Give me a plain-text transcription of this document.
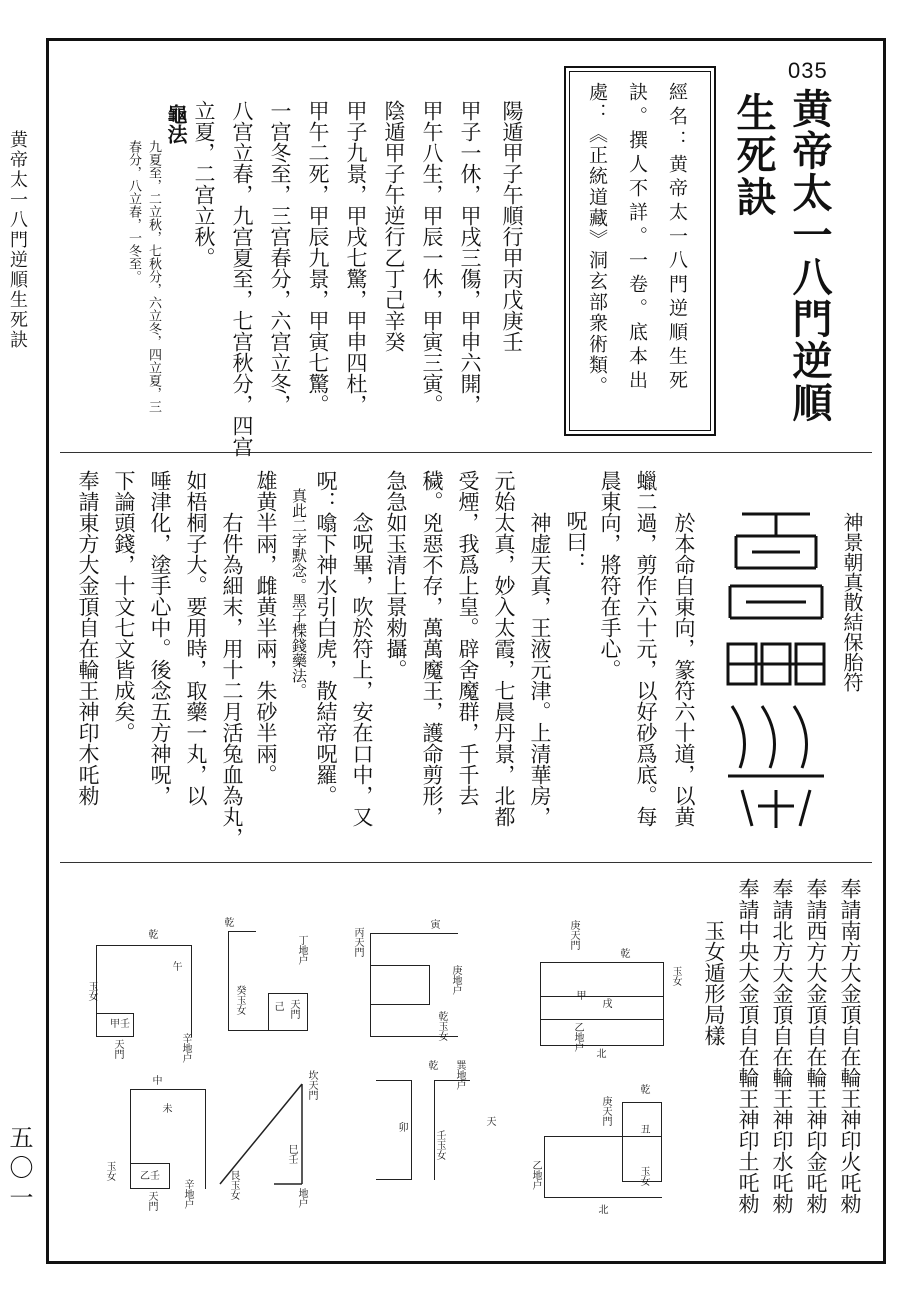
黄帝太一八門逆順生死訣
五〇一
035
黄帝太一八門逆順
生死訣
經名：黄帝太一八門逆順生死
訣。撰人不詳。一卷。底本出
處：《正統道藏》洞玄部衆術類。
陽遁甲子午順行甲丙戊庚壬
甲子一休，甲戌三傷，甲申六開，
甲午八生，甲辰一休，甲寅三寅。
陰遁甲子午逆行乙丁己辛癸
甲子九景，甲戌七驚，甲申四杜，
甲午二死，甲辰九景，甲寅七驚。
一宫冬至，三宫春分，六宫立冬，
八宫立春，九宫夏至，七宫秋分，四宫
立夏，二宫立秋。
龜法
九夏至，二立秋，七秋分，六立冬，四立夏，三
春分，八立春，一冬至。
神景朝真散結保胎符
於本命自東向，篆符六十道，以黄
蠟二過，剪作六十元，以好砂爲底。每
晨東向，將符在手心。
呪曰：
神虚天真，王液元津。上清華房，
元始太真，妙入太霞，七晨丹景，北都
受煙，我爲上皇。辟舍魔群，千千去
穢。兇惡不存，萬萬魔王，護命剪形，
急急如玉清上景勑攝。
念呪畢，吹於符上，安在口中，又
呪：噏下神水引白虎，散結帝呪羅。
真此二字默念。黑子楪錢藥法。
雄黄半兩，雌黄半兩，朱砂半兩。
右件為細末，用十二月活兔血為丸，
如梧桐子大。要用時，取藥一丸，以
唾津化，塗手心中。後念五方神呪，
下論頭錢，十文七文皆成矣。
奉請東方大金頂自在輪王神印木吒勑
奉請南方大金頂自在輪王神印火吒勑
奉請西方大金頂自在輪王神印金吒勑
奉請北方大金頂自在輪王神印水吒勑
奉請中央大金頂自在輪王神印土吒勑
玉女遁形局樣
庚天門
乾
玉女
甲
戌
乙地户
北
寅
丙天門
庚地户
乾玉女
乾
丁地户
癸玉女	己 天門
乾
午
玉女
甲壬
天門	辛地户
乾
庚天門
丑
玉女
乙地户
北
乾 巽地户
卯
壬玉女
天
坎天門
巳壬
艮玉女	地户
中
未
玉女	乙壬
天門	辛地户
